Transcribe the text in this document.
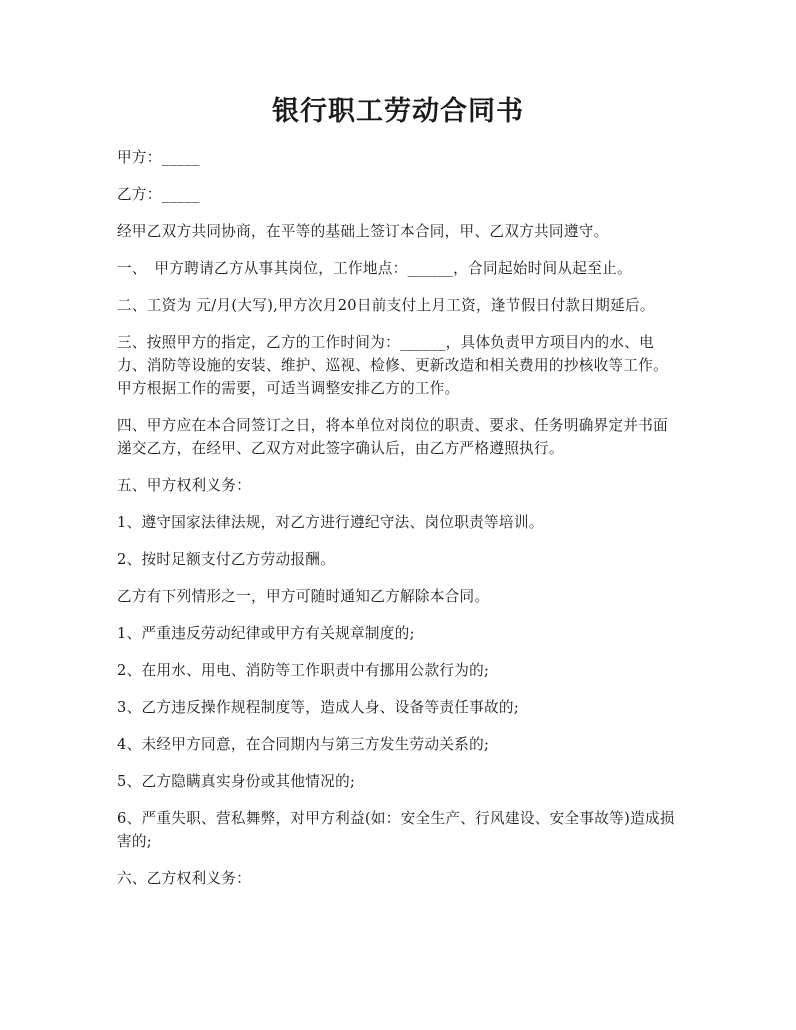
银行职工劳动合同书

甲方：_____

乙方：_____

经甲乙双方共同协商，在平等的基础上签订本合同，甲、乙双方共同遵守。

一、　甲方聘请乙方从事其岗位，工作地点：______，合同起始时间从起至止。

二、工资为 元/月(大写),甲方次月20日前支付上月工资，逢节假日付款日期延后。

三、按照甲方的指定，乙方的工作时间为：______，具体负责甲方项目内的水、电力、消防等设施的安装、维护、巡视、检修、更新改造和相关费用的抄核收等工作。甲方根据工作的需要，可适当调整安排乙方的工作。

四、甲方应在本合同签订之日，将本单位对岗位的职责、要求、任务明确界定并书面递交乙方，在经甲、乙双方对此签字确认后，由乙方严格遵照执行。

五、甲方权利义务：

1、遵守国家法律法规，对乙方进行遵纪守法、岗位职责等培训。

2、按时足额支付乙方劳动报酬。

乙方有下列情形之一，甲方可随时通知乙方解除本合同。

1、严重违反劳动纪律或甲方有关规章制度的;

2、在用水、用电、消防等工作职责中有挪用公款行为的;

3、乙方违反操作规程制度等，造成人身、设备等责任事故的;

4、未经甲方同意，在合同期内与第三方发生劳动关系的;

5、乙方隐瞒真实身份或其他情况的;

6、严重失职、营私舞弊，对甲方利益(如：安全生产、行风建设、安全事故等)造成损害的;

六、乙方权利义务：
